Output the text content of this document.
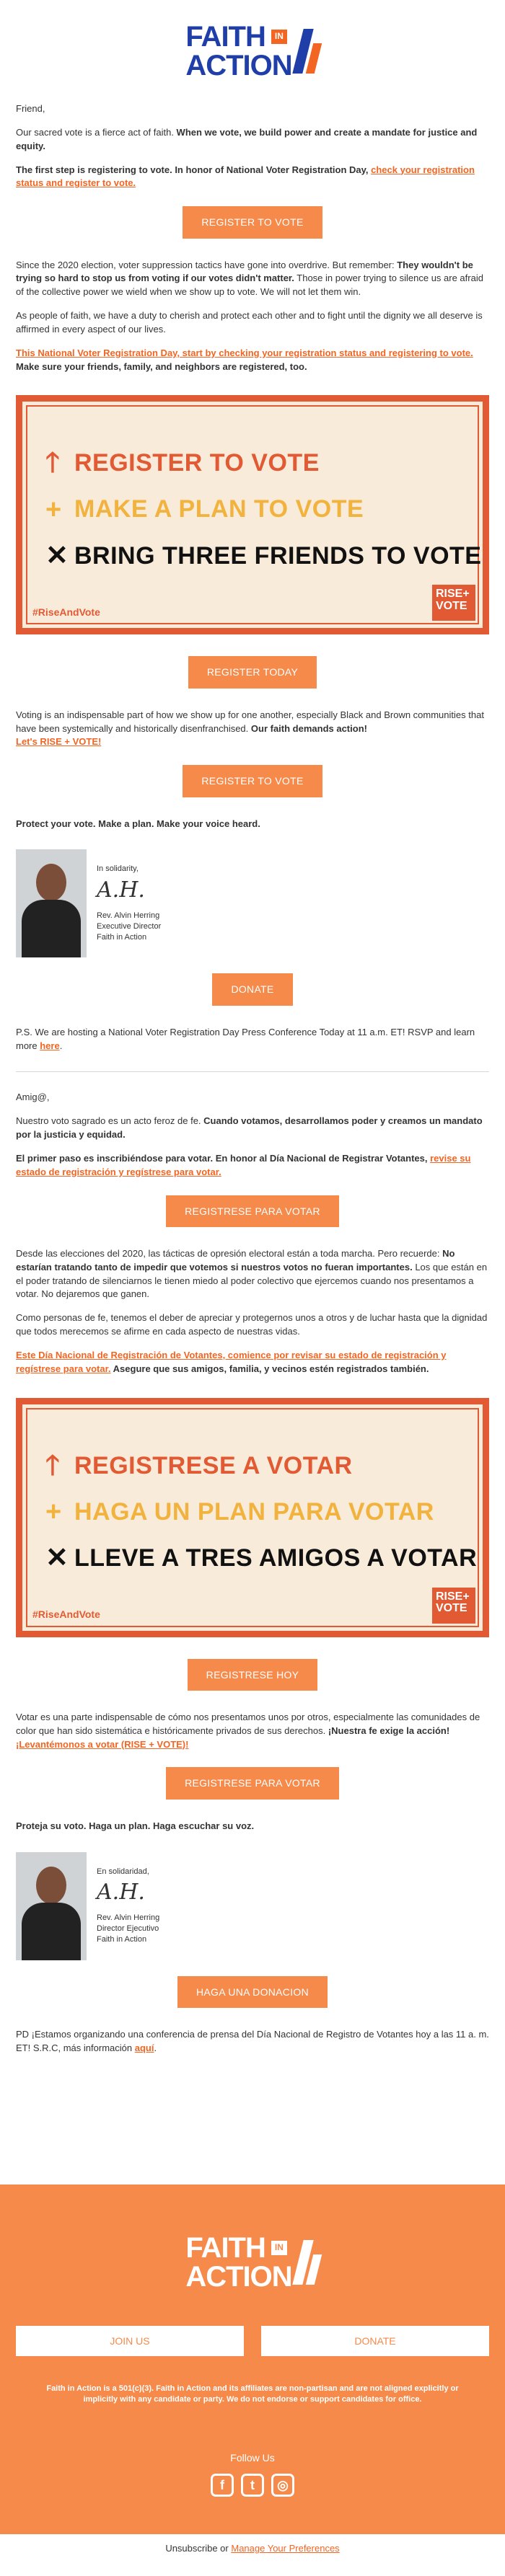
FAITH	IN
ACTION

Friend,

Our sacred vote is a fierce act of faith. When we vote, we build power and create a mandate for justice and equity.

The first step is registering to vote. In honor of National Voter Registration Day, check your registration status and register to vote.

REGISTER TO VOTE

Since the 2020 election, voter suppression tactics have gone into overdrive. But remember: They wouldn't be trying so hard to stop us from voting if our votes didn't matter. Those in power trying to silence us are afraid of the collective power we wield when we show up to vote. We will not let them win.

As people of faith, we have a duty to cherish and protect each other and to fight until the dignity we all deserve is affirmed in every aspect of our lives.

This National Voter Registration Day, start by checking your registration status and registering to vote. Make sure your friends, family, and neighbors are registered, too.

🡑 REGISTER TO VOTE
+ MAKE A PLAN TO VOTE
✕ BRING THREE FRIENDS TO VOTE
#RiseAndVote
RISE+
VOTE
REGISTER TODAY

Voting is an indispensable part of how we show up for one another, especially Black and Brown communities that have been systemically and historically disenfranchised. Our faith demands action!
Let's RISE + VOTE!

REGISTER TO VOTE

Protect your vote. Make a plan. Make your voice heard.

In solidarity,
A.H.
Rev. Alvin Herring
Executive Director
Faith in Action
DONATE

P.S. We are hosting a National Voter Registration Day Press Conference Today at 11 a.m. ET! RSVP and learn more here.

Amig@,

Nuestro voto sagrado es un acto feroz de fe. Cuando votamos, desarrollamos poder y creamos un mandato por la justicia y equidad.

El primer paso es inscribiéndose para votar. En honor al Día Nacional de Registrar Votantes, revise su estado de registración y regístrese para votar.

REGISTRESE PARA VOTAR

Desde las elecciones del 2020, las tácticas de opresión electoral están a toda marcha. Pero recuerde: No estarían tratando tanto de impedir que votemos si nuestros votos no fueran importantes. Los que están en el poder tratando de silenciarnos le tienen miedo al poder colectivo que ejercemos cuando nos presentamos a votar. No dejaremos que ganen.

Como personas de fe, tenemos el deber de apreciar y protegernos unos a otros y de luchar hasta que la dignidad que todos merecemos se afirme en cada aspecto de nuestras vidas.

Este Día Nacional de Registración de Votantes, comience por revisar su estado de registración y regístrese para votar. Asegure que sus amigos, familia, y vecinos estén registrados también.

🡑 REGISTRESE A VOTAR
+ HAGA UN PLAN PARA VOTAR
✕ LLEVE A TRES AMIGOS A VOTAR
#RiseAndVote
RISE+
VOTE
REGISTRESE HOY

Votar es una parte indispensable de cómo nos presentamos unos por otros, especialmente las comunidades de color que han sido sistemática e históricamente privados de sus derechos. ¡Nuestra fe exige la acción! ¡Levantémonos a votar (RISE + VOTE)!

REGISTRESE PARA VOTAR

Proteja su voto. Haga un plan. Haga escuchar su voz.

En solidaridad,
A.H.
Rev. Alvin Herring
Director Ejecutivo
Faith in Action
HAGA UNA DONACION

PD ¡Estamos organizando una conferencia de prensa del Día Nacional de Registro de Votantes hoy a las 11 a. m. ET! S.R.C, más información aquí.

FAITH	IN
ACTION
JOIN US	DONATE
Faith in Action is a 501(c)(3). Faith in Action and its affiliates are non-partisan and are not aligned explicitly or implicitly with any candidate or party. We do not endorse or support candidates for office.
Follow Us
f	t	◎
Unsubscribe or Manage Your Preferences
